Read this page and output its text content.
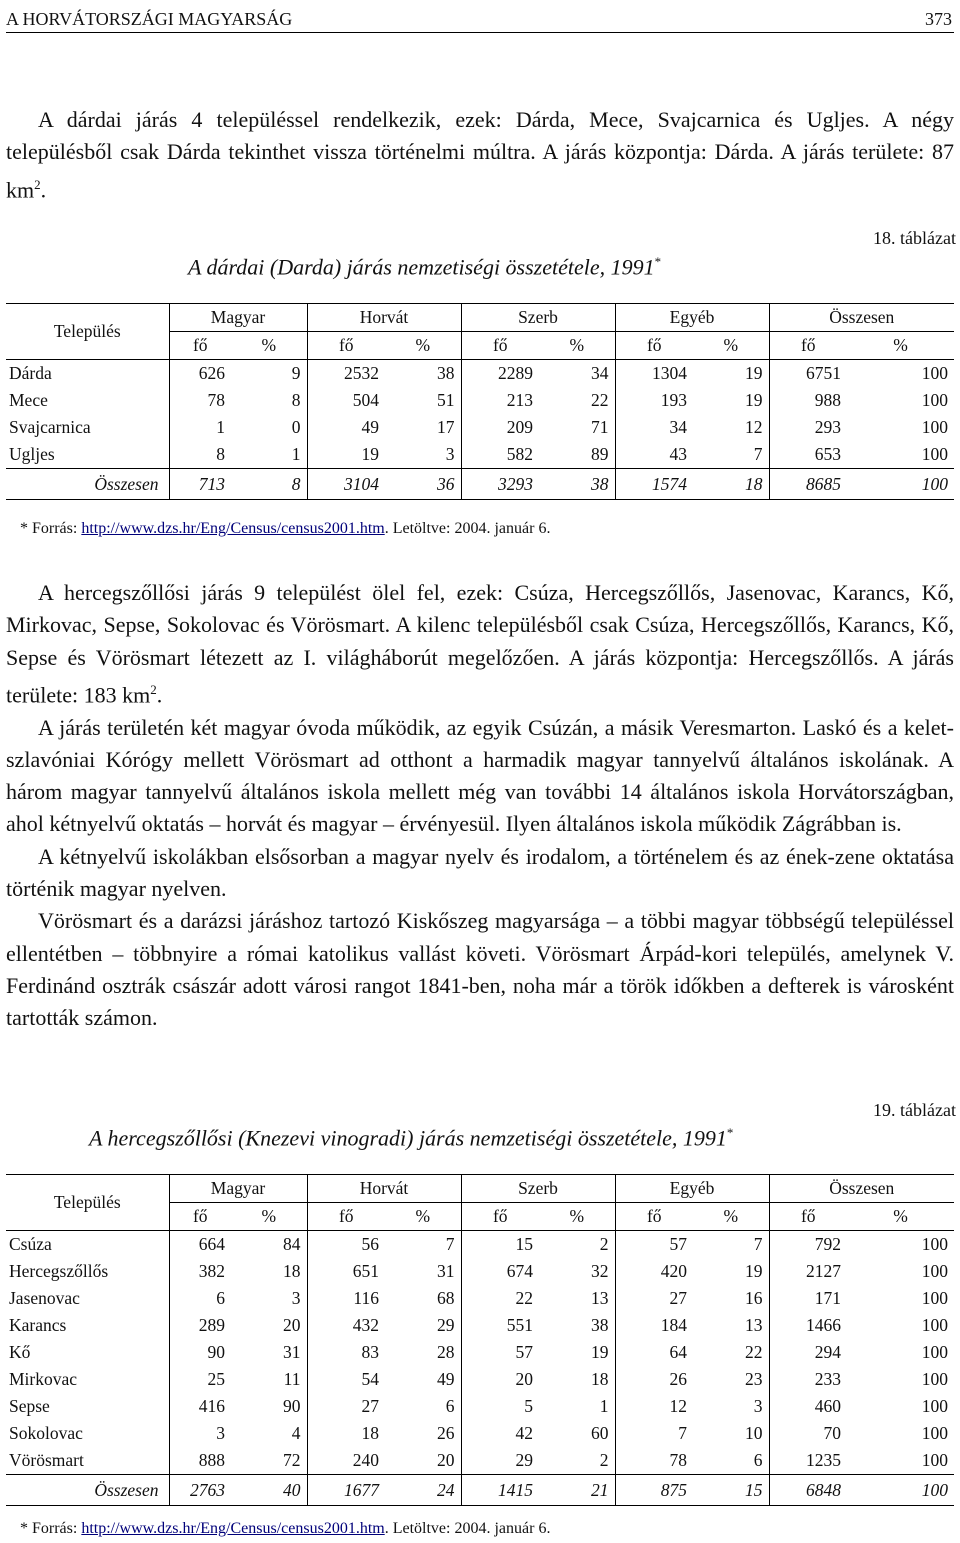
A HORVÁTORSZÁGI MAGYARSÁG	373

A dárdai járás 4 településsel rendelkezik, ezek: Dárda, Mece, Svajcarnica és Ugljes. A négy településből csak Dárda tekinthet vissza történelmi múltra. A járás központja: Dárda. A járás területe: 87 $km^2$.

18. táblázat
A dárdai (Darda) járás nemzetiségi összetétele, 1991*
Település	Magyar		Horvát		Szerb		Egyéb		Összesen	
	fő	%	fő	%	fő	%	fő	%	fő	%
Dárda	626	9	2532	38	2289	34	1304	19	6751	100
Mece	78	8	504	51	213	22	193	19	988	100
Svajcarnica	1	0	49	17	209	71	34	12	293	100
Ugljes	8	1	19	3	582	89	43	7	653	100
Összesen	713	8	3104	36	3293	38	1574	18	8685	100
* Forrás: http://www.dzs.hr/Eng/Census/census2001.htm. Letöltve: 2004. január 6.

A hercegszőllősi járás 9 települést ölel fel, ezek: Csúza, Hercegszőllős, Jasenovac, Karancs, Kő, Mirkovac, Sepse, Sokolovac és Vörösmart. A kilenc településből csak Csúza, Hercegszőllős, Karancs, Kő, Sepse és Vörösmart létezett az I. világháborút megelőzően. A járás központja: Hercegszőllős. A járás területe: 183 $km^2$.

A járás területén két magyar óvoda működik, az egyik Csúzán, a másik Veresmarton. Laskó és a kelet-szlavóniai Kórógy mellett Vörösmart ad otthont a harmadik magyar tannyelvű általános iskolának. A három magyar tannyelvű általános iskola mellett még van további 14 általános iskola Horvátországban, ahol kétnyelvű oktatás – horvát és magyar – érvényesül. Ilyen általános iskola működik Zágrábban is.

A kétnyelvű iskolákban elsősorban a magyar nyelv és irodalom, a történelem és az ének-zene oktatása történik magyar nyelven.

Vörösmart és a darázsi járáshoz tartozó Kiskőszeg magyarsága – a többi magyar többségű településsel ellentétben – többnyire a római katolikus vallást követi. Vörösmart Árpád-kori település, amelynek V. Ferdinánd osztrák császár adott városi rangot 1841-ben, noha már a török időkben a defterek is városként tartották számon.

19. táblázat
A hercegszőllősi (Knezevi vinogradi) járás nemzetiségi összetétele, 1991*
Település	Magyar		Horvát		Szerb		Egyéb		Összesen	
	fő	%	fő	%	fő	%	fő	%	fő	%
Csúza	664	84	56	7	15	2	57	7	792	100
Hercegszőllős	382	18	651	31	674	32	420	19	2127	100
Jasenovac	6	3	116	68	22	13	27	16	171	100
Karancs	289	20	432	29	551	38	184	13	1466	100
Kő	90	31	83	28	57	19	64	22	294	100
Mirkovac	25	11	54	49	20	18	26	23	233	100
Sepse	416	90	27	6	5	1	12	3	460	100
Sokolovac	3	4	18	26	42	60	7	10	70	100
Vörösmart	888	72	240	20	29	2	78	6	1235	100
Összesen	2763	40	1677	24	1415	21	875	15	6848	100
* Forrás: http://www.dzs.hr/Eng/Census/census2001.htm. Letöltve: 2004. január 6.
